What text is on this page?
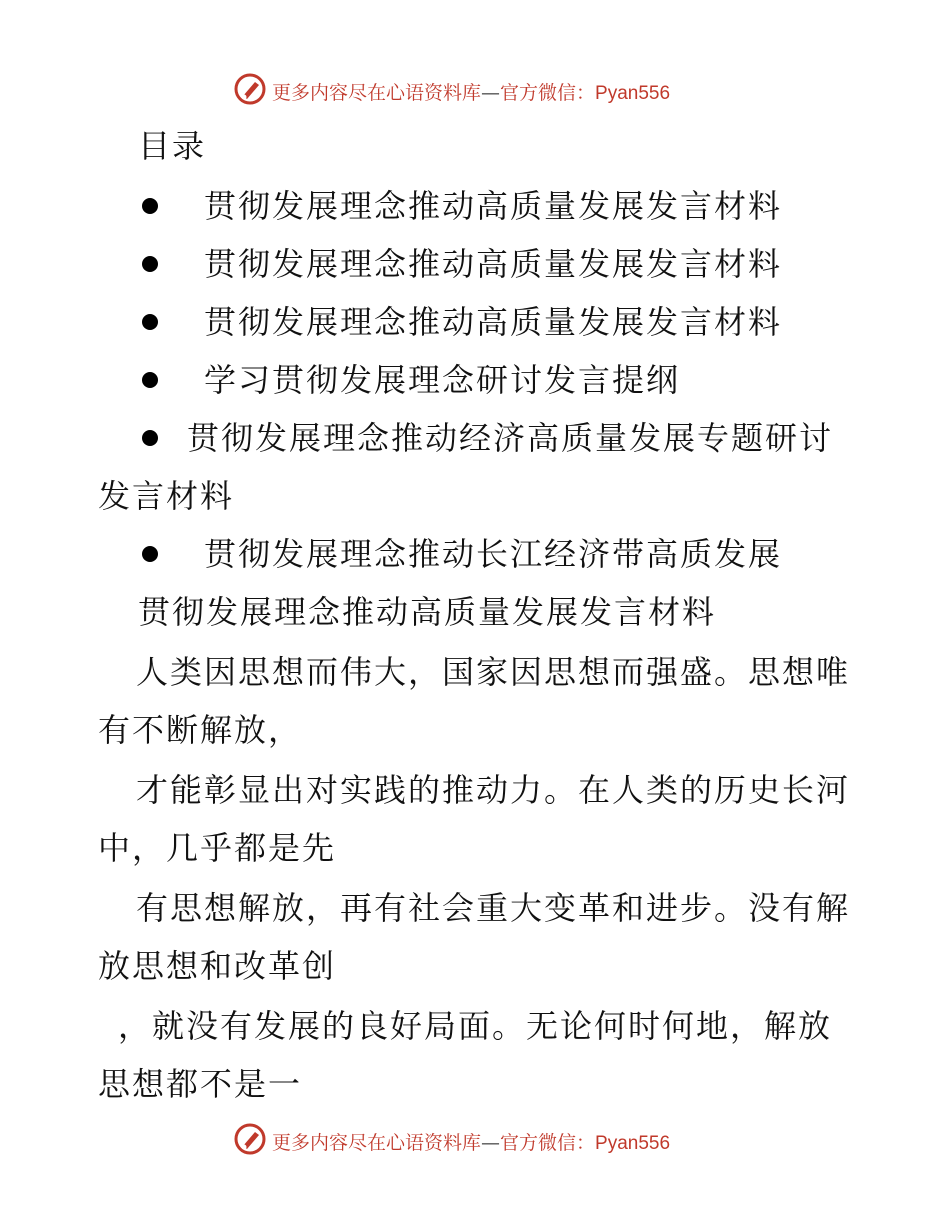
更多内容尽在心语资料库—官方微信：Pyan556
目录
贯彻发展理念推动高质量发展发言材料
贯彻发展理念推动高质量发展发言材料
贯彻发展理念推动高质量发展发言材料
学习贯彻发展理念研讨发言提纲
贯彻发展理念推动经济高质量发展专题研讨
发言材料
贯彻发展理念推动长江经济带高质发展
贯彻发展理念推动高质量发展发言材料
人类因思想而伟大，国家因思想而强盛。思想唯
有不断解放，
才能彰显出对实践的推动力。在人类的历史长河
中，几乎都是先
有思想解放，再有社会重大变革和进步。没有解
放思想和改革创
，就没有发展的良好局面。无论何时何地，解放
思想都不是一
更多内容尽在心语资料库—官方微信：Pyan556
